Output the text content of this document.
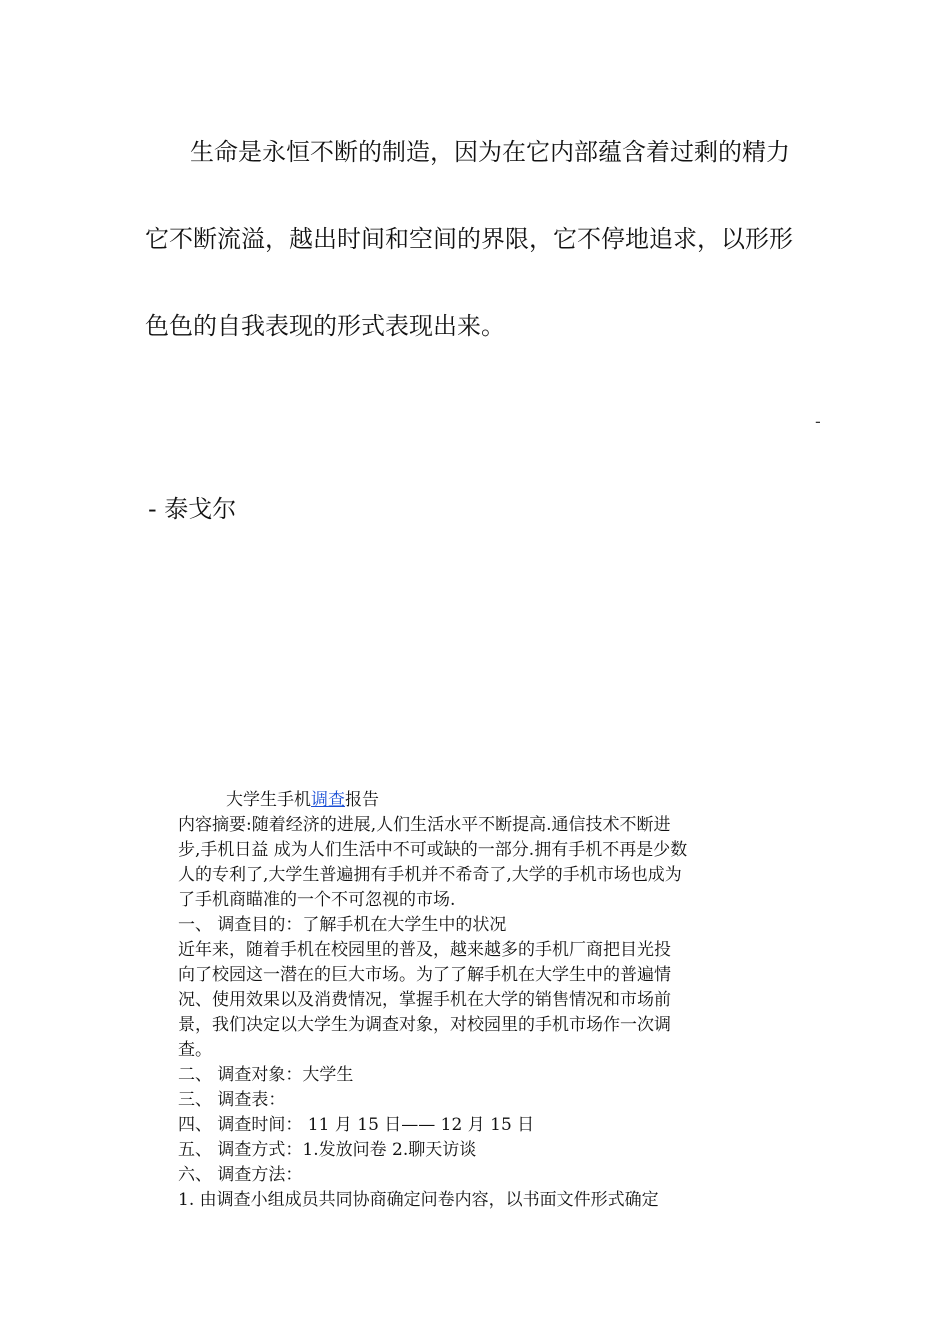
生命是永恒不断的制造，因为在它内部蕴含着过剩的精力
它不断流溢，越出时间和空间的界限，它不停地追求，以形形
色色的自我表现的形式表现出来。
-
- 泰戈尔

大学生手机调查报告

内容摘要:随着经济的进展,人们生活水平不断提高.通信技术不断进

步,手机日益 成为人们生活中不可或缺的一部分.拥有手机不再是少数

人的专利了,大学生普遍拥有手机并不希奇了,大学的手机市场也成为

了手机商瞄准的一个不可忽视的市场.

一、 调查目的：了解手机在大学生中的状况

近年来，随着手机在校园里的普及，越来越多的手机厂商把目光投

向了校园这一潜在的巨大市场。为了了解手机在大学生中的普遍情

况、使用效果以及消费情况，掌握手机在大学的销售情况和市场前

景，我们决定以大学生为调查对象，对校园里的手机市场作一次调

查。

二、 调查对象：大学生

三、 调查表：

四、 调查时间： 11 月 15 日—— 12 月 15 日

五、 调查方式：1.发放问卷 2.聊天访谈

六、 调查方法：

1. 由调查小组成员共同协商确定问卷内容，以书面文件形式确定
